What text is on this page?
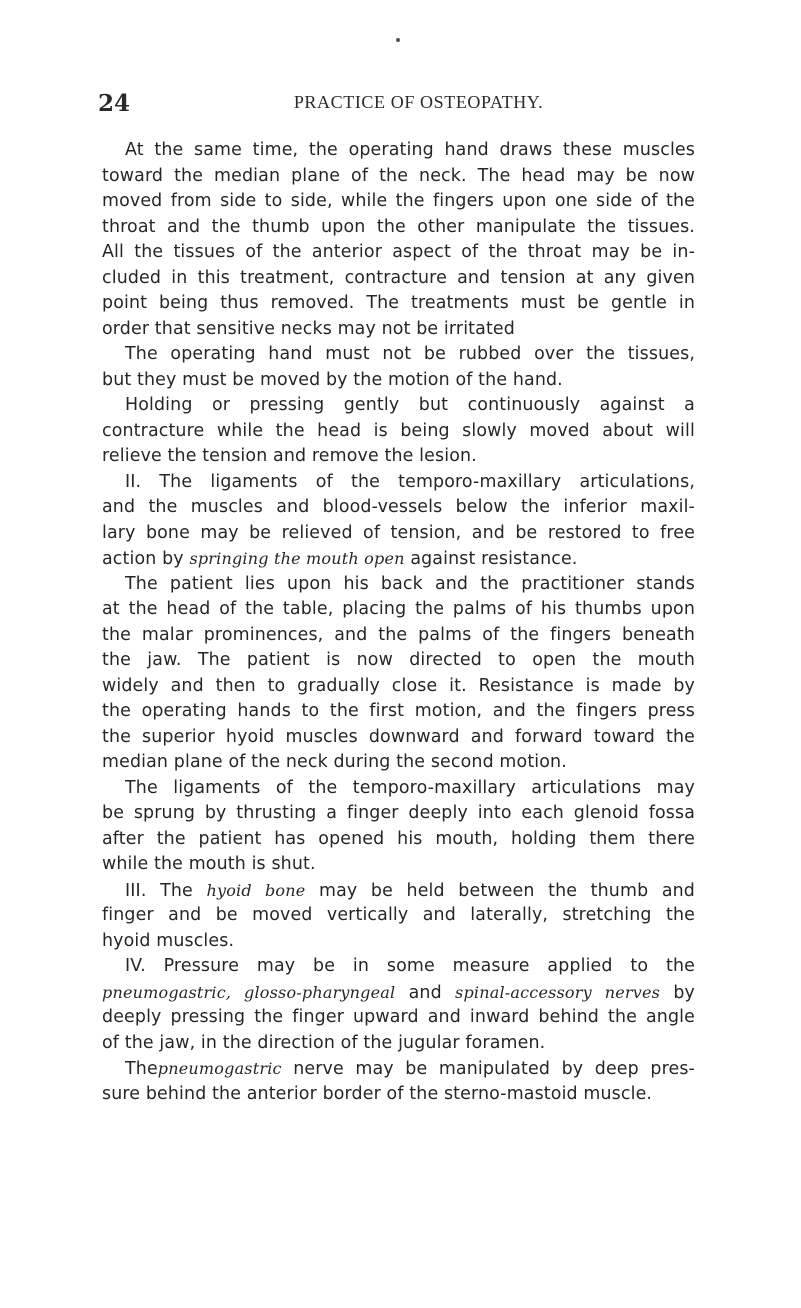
24	PRACTICE OF OSTEOPATHY.
At the same time, the operating hand draws these muscles
toward the median plane of the neck. The head may be now
moved from side to side, while the fingers upon one side of the
throat and the thumb upon the other manipulate the tissues.
All the tissues of the anterior aspect of the throat may be in-
cluded in this treatment, contracture and tension at any given
point being thus removed. The treatments must be gentle in
order that sensitive necks may not be irritated
The operating hand must not be rubbed over the tissues,
but they must be moved by the motion of the hand.
Holding or pressing gently but continuously against a
contracture while the head is being slowly moved about will
relieve the tension and remove the lesion.
II. The ligaments of the temporo-maxillary articulations,
and the muscles and blood-vessels below the inferior maxil-
lary bone may be relieved of tension, and be restored to free
action by springing the mouth open against resistance.
The patient lies upon his back and the practitioner stands
at the head of the table, placing the palms of his thumbs upon
the malar prominences, and the palms of the fingers beneath
the jaw. The patient is now directed to open the mouth
widely and then to gradually close it. Resistance is made by
the operating hands to the first motion, and the fingers press
the superior hyoid muscles downward and forward toward the
median plane of the neck during the second motion.
The ligaments of the temporo-maxillary articulations may
be sprung by thrusting a finger deeply into each glenoid fossa
after the patient has opened his mouth, holding them there
while the mouth is shut.
III. The hyoid bone may be held between the thumb and
finger and be moved vertically and laterally, stretching the
hyoid muscles.
IV. Pressure may be in some measure applied to the
pneumogastric, glosso-pharyngeal and spinal-accessory nerves by
deeply pressing the finger upward and inward behind the angle
of the jaw, in the direction of the jugular foramen.
Thepneumogastric nerve may be manipulated by deep pres-
sure behind the anterior border of the sterno-mastoid muscle.
